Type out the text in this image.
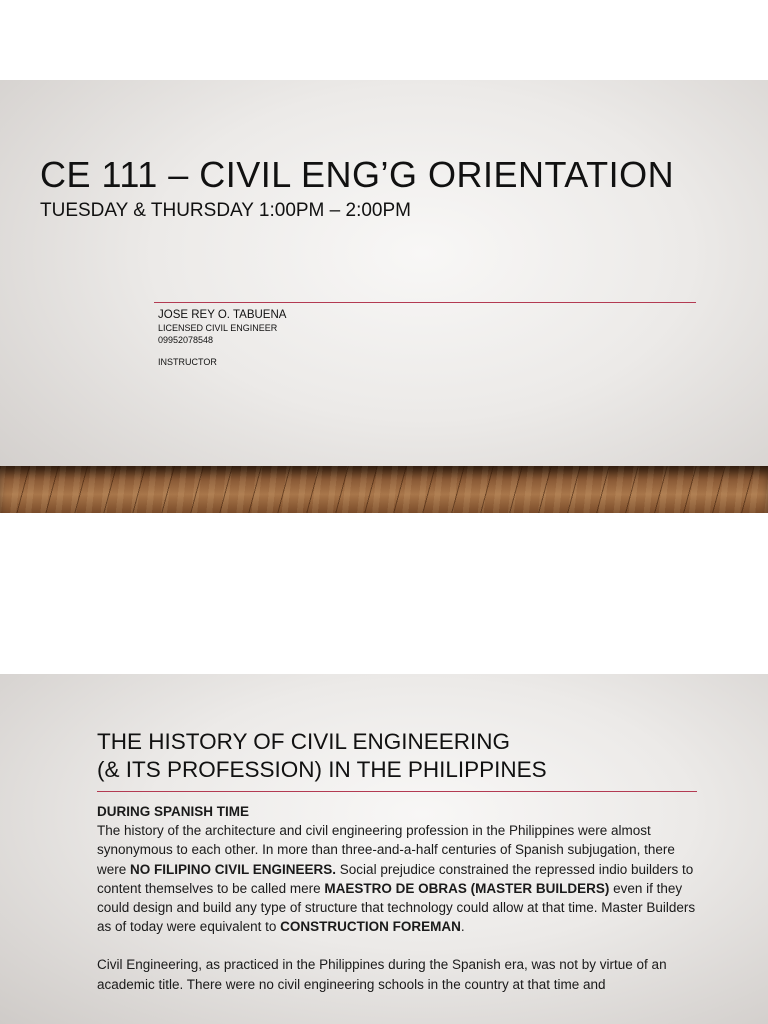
CE 111 – CIVIL ENG’G ORIENTATION
TUESDAY & THURSDAY 1:00PM – 2:00PM
JOSE REY O. TABUENA
LICENSED CIVIL ENGINEER
09952078548
INSTRUCTOR
THE HISTORY OF CIVIL ENGINEERING
(& ITS PROFESSION) IN THE PHILIPPINES

DURING SPANISH TIME

The history of the architecture and civil engineering profession in the Philippines were almost synonymous to each other. In more than three-and-a-half centuries of Spanish subjugation, there were NO FILIPINO CIVIL ENGINEERS. Social prejudice constrained the repressed indio builders to content themselves to be called mere MAESTRO DE OBRAS (MASTER BUILDERS) even if they could design and build any type of structure that technology could allow at that time. Master Builders as of today were equivalent to CONSTRUCTION FOREMAN.

Civil Engineering, as practiced in the Philippines during the Spanish era, was not by virtue of an academic title. There were no civil engineering schools in the country at that time and
